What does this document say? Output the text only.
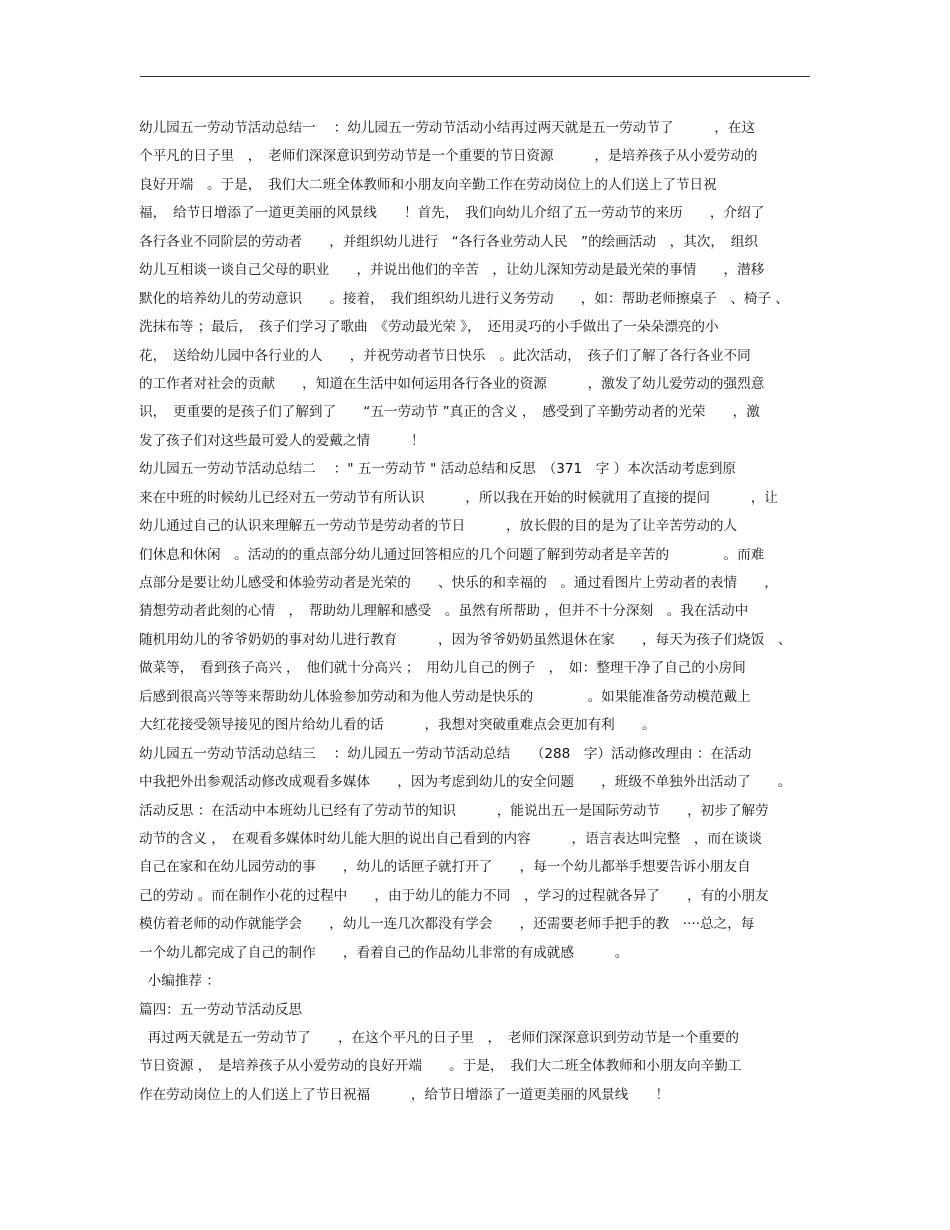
幼儿园五一劳动节活动总结一　 ：幼儿园五一劳动节活动小结再过两天就是五一劳动节了　　　，在这
个平凡的日子里　，　老师们深深意识到劳动节是一个重要的节日资源　　　，是培养孩子从小爱劳动的
良好开端　。于是，　我们大二班全体教师和小朋友向辛勤工作在劳动岗位上的人们送上了节日祝
福，　给节日增添了一道更美丽的风景线　　！首先，　我们向幼儿介绍了五一劳动节的来历　　，介绍了
各行各业不同阶层的劳动者　　，并组织幼儿进行　“各行各业劳动人民　”的绘画活动　，其次，　组织
幼儿互相谈一谈自己父母的职业　　，并说出他们的辛苦　，让幼儿深知劳动是最光荣的事情　　，潜移
默化的培养幼儿的劳动意识　　。接着，　我们组织幼儿进行义务劳动　　，如：帮助老师擦桌子　、椅子 、
洗抹布等 ；最后，　孩子们学习了歌曲　《劳动最光荣 》，　还用灵巧的小手做出了一朵朵漂亮的小
花，　送给幼儿园中各行业的人　　，并祝劳动者节日快乐　。此次活动，　孩子们了解了各行各业不同
的工作者对社会的贡献　　，知道在生活中如何运用各行各业的资源　　　，激发了幼儿爱劳动的强烈意
识，　更重要的是孩子们了解到了　　“五一劳动节 ”真正的含义 ，　感受到了辛勤劳动者的光荣　　，激
发了孩子们对这些最可爱人的爱戴之情　　　！
幼儿园五一劳动节活动总结二　 ：" 五一劳动节 " 活动总结和反思　（371　字 ）本次活动考虑到原
来在中班的时候幼儿已经对五一劳动节有所认识　　　，所以我在开始的时候就用了直接的提问　　　，让
幼儿通过自己的认识来理解五一劳动节是劳动者的节日　　　，放长假的目的是为了让辛苦劳动的人
们休息和休闲　。活动的的重点部分幼儿通过回答相应的几个问题了解到劳动者是辛苦的　　　　。而难
点部分是要让幼儿感受和体验劳动者是光荣的　　、快乐的和幸福的　。通过看图片上劳动者的表情　　，
猜想劳动者此刻的心情　，　帮助幼儿理解和感受　。虽然有所帮助 ，但并不十分深刻　。我在活动中
随机用幼儿的爷爷奶奶的事对幼儿进行教育　　　，因为爷爷奶奶虽然退休在家　　，每天为孩子们烧饭　、
做菜等，　看到孩子高兴 ，　他们就十分高兴 ；　用幼儿自己的例子　，　如：整理干净了自己的小房间
后感到很高兴等等来帮助幼儿体验参加劳动和为他人劳动是快乐的　　　　。如果能准备劳动模范戴上
大红花接受领导接见的图片给幼儿看的话　　　，我想对突破重难点会更加有利　　。
幼儿园五一劳动节活动总结三　 ：幼儿园五一劳动节活动总结　　（288　字）活动修改理由 ：在活动
中我把外出参观活动修改成观看多媒体　　，因为考虑到幼儿的安全问题　　，班级不单独外出活动了　　。
活动反思 ：在活动中本班幼儿已经有了劳动节的知识　　　，能说出五一是国际劳动节　　，初步了解劳
动节的含义 ，　在观看多媒体时幼儿能大胆的说出自己看到的内容　　　，语言表达叫完整　，而在谈谈
自己在家和在幼儿园劳动的事　　，幼儿的话匣子就打开了　　，每一个幼儿都举手想要告诉小朋友自
己的劳动 。而在制作小花的过程中　　，由于幼儿的能力不同　，学习的过程就各异了　　，有的小朋友
模仿着老师的动作就能学会　　，幼儿一连几次都没有学会　　，还需要老师手把手的教　····总之，每
一个幼儿都完成了自己的制作　　，看着自己的作品幼儿非常的有成就感　　　。
小编推荐 ：
篇四：五一劳动节活动反思
再过两天就是五一劳动节了　　，在这个平凡的日子里　，　老师们深深意识到劳动节是一个重要的
节日资源 ，　是培养孩子从小爱劳动的良好开端　　。于是，　我们大二班全体教师和小朋友向辛勤工
作在劳动岗位上的人们送上了节日祝福　　　，给节日增添了一道更美丽的风景线　　！
